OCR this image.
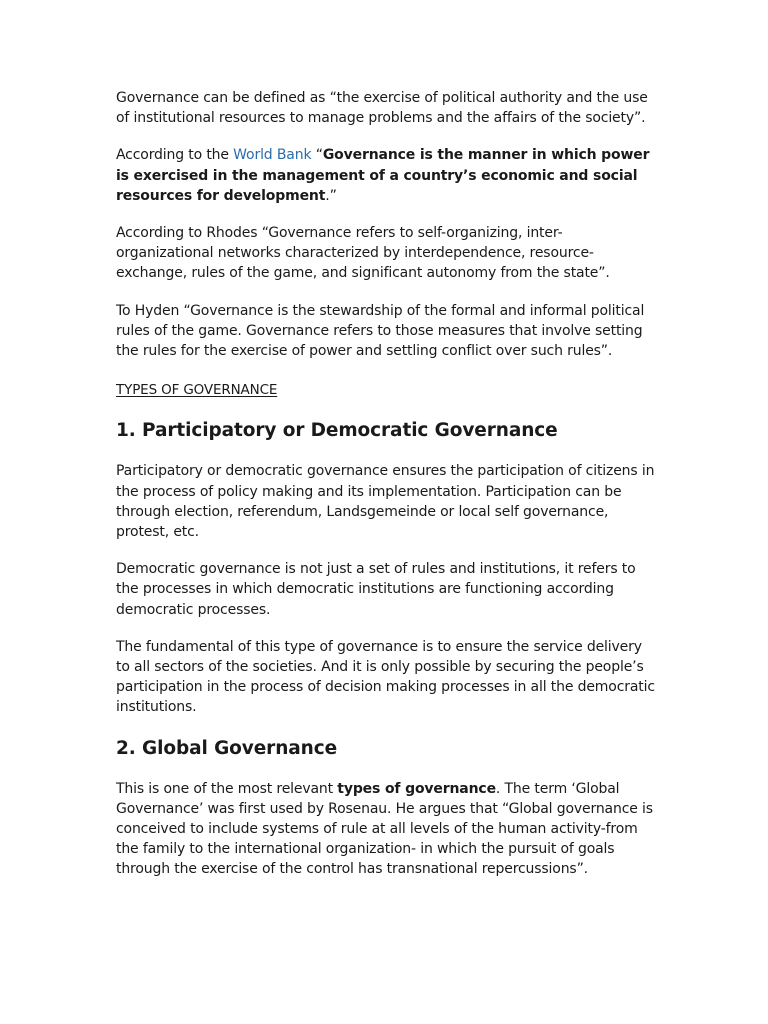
Governance can be defined as “the exercise of political authority and the use of institutional resources to manage problems and the affairs of the society”.

According to the World Bank “Governance is the manner in which power is exercised in the management of a country’s economic and social resources for development.”

According to Rhodes “Governance refers to self-organizing, inter-organizational networks characterized by interdependence, resource-exchange, rules of the game, and significant autonomy from the state”.

To Hyden “Governance is the stewardship of the formal and informal political rules of the game. Governance refers to those measures that involve setting the rules for the exercise of power and settling conflict over such rules”.

TYPES OF GOVERNANCE

1. Participatory or Democratic Governance

Participatory or democratic governance ensures the participation of citizens in the process of policy making and its implementation. Participation can be through election, referendum, Landsgemeinde or local self governance, protest, etc.

Democratic governance is not just a set of rules and institutions, it refers to the processes in which democratic institutions are functioning according democratic processes.

The fundamental of this type of governance is to ensure the service delivery to all sectors of the societies. And it is only possible by securing the people’s participation in the process of decision making processes in all the democratic institutions.

2. Global Governance

This is one of the most relevant types of governance. The term ‘Global Governance’ was first used by Rosenau. He argues that “Global governance is conceived to include systems of rule at all levels of the human activity-from the family to the international organization- in which the pursuit of goals through the exercise of the control has transnational repercussions”.
